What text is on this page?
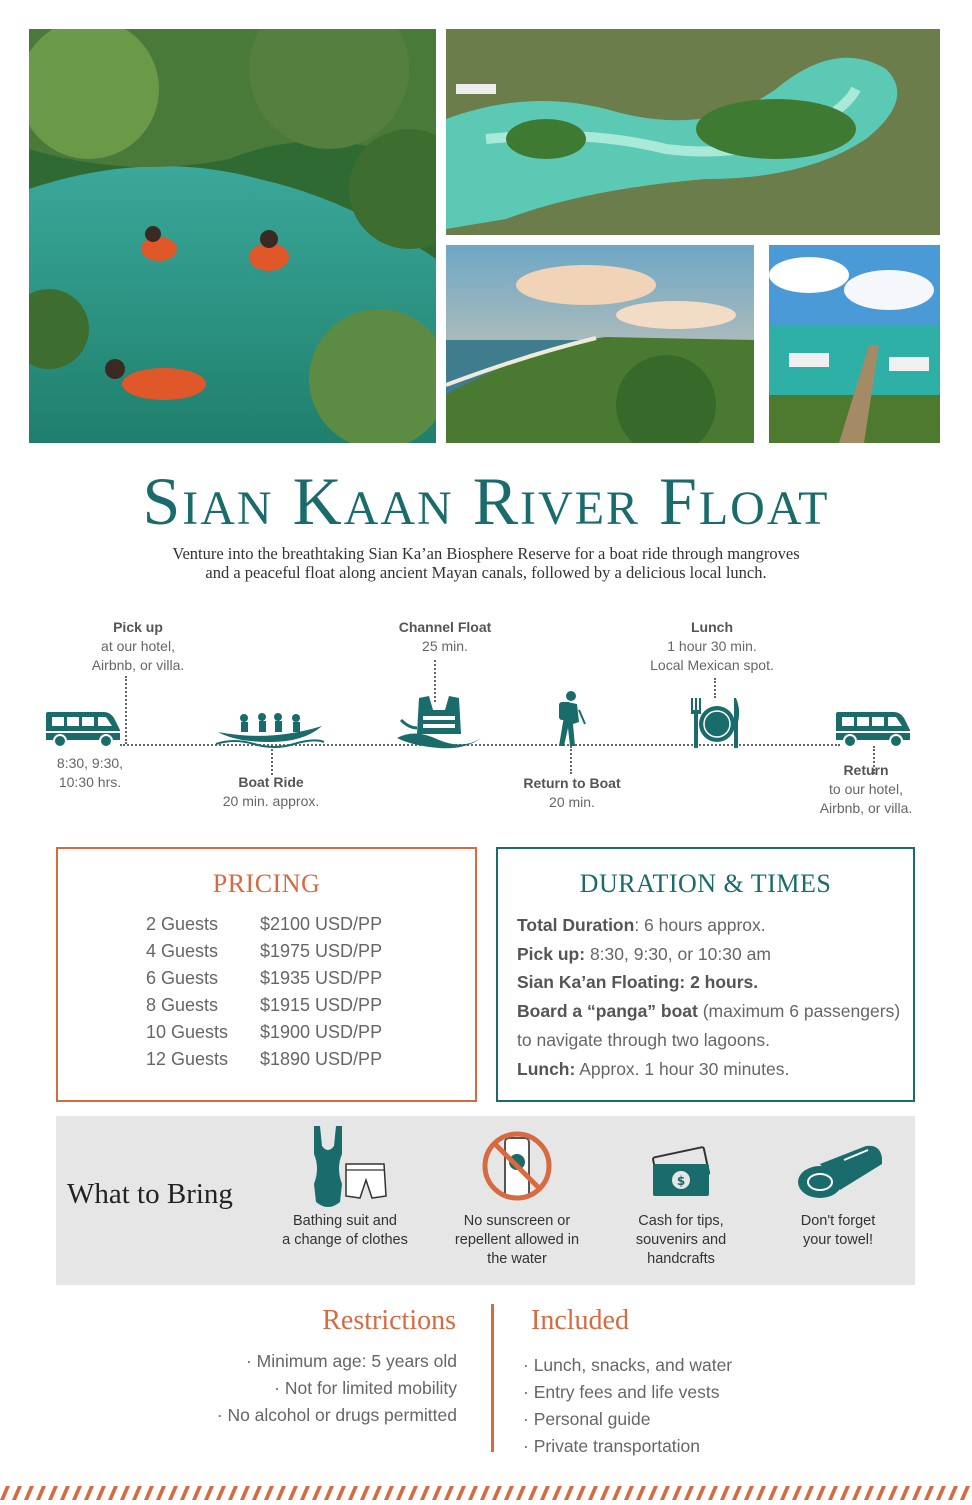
Sian Kaan River Float
Venture into the breathtaking Sian Ka’an Biosphere Reserve for a boat ride through mangroves
and a peaceful float along ancient Mayan canals, followed by a delicious local lunch.
Pick up
at our hotel,
Airbnb, or villa.
8:30, 9:30,
10:30 hrs.	Boat Ride
20 min. approx.
Channel Float
25 min.
Return to Boat
20 min.
Lunch
1 hour 30 min.
Local Mexican spot.
Return
to our hotel,
Airbnb, or villa.
PRICING
2 Guests $2100 USD/PP
4 Guests $1975 USD/PP
6 Guests $1935 USD/PP
8 Guests $1915 USD/PP
10 Guests $1900 USD/PP
12 Guests $1890 USD/PP
DURATION & TIMES
Total Duration: 6 hours approx.
Pick up: 8:30, 9:30, or 10:30 am
Sian Ka’an Floating: 2 hours.
Board a “panga” boat (maximum 6 passengers)
to navigate through two lagoons.
Lunch: Approx. 1 hour 30 minutes.
What to Bring
Bathing suit and
a change of clothes
No sunscreen or
repellent allowed in
the water
$
Cash for tips,
souvenirs and
handcrafts
Don't forget
your towel!
Restrictions
· Minimum age: 5 years old
· Not for limited mobility
· No alcohol or drugs permitted
Included
· Lunch, snacks, and water
· Entry fees and life vests
· Personal guide
· Private transportation
